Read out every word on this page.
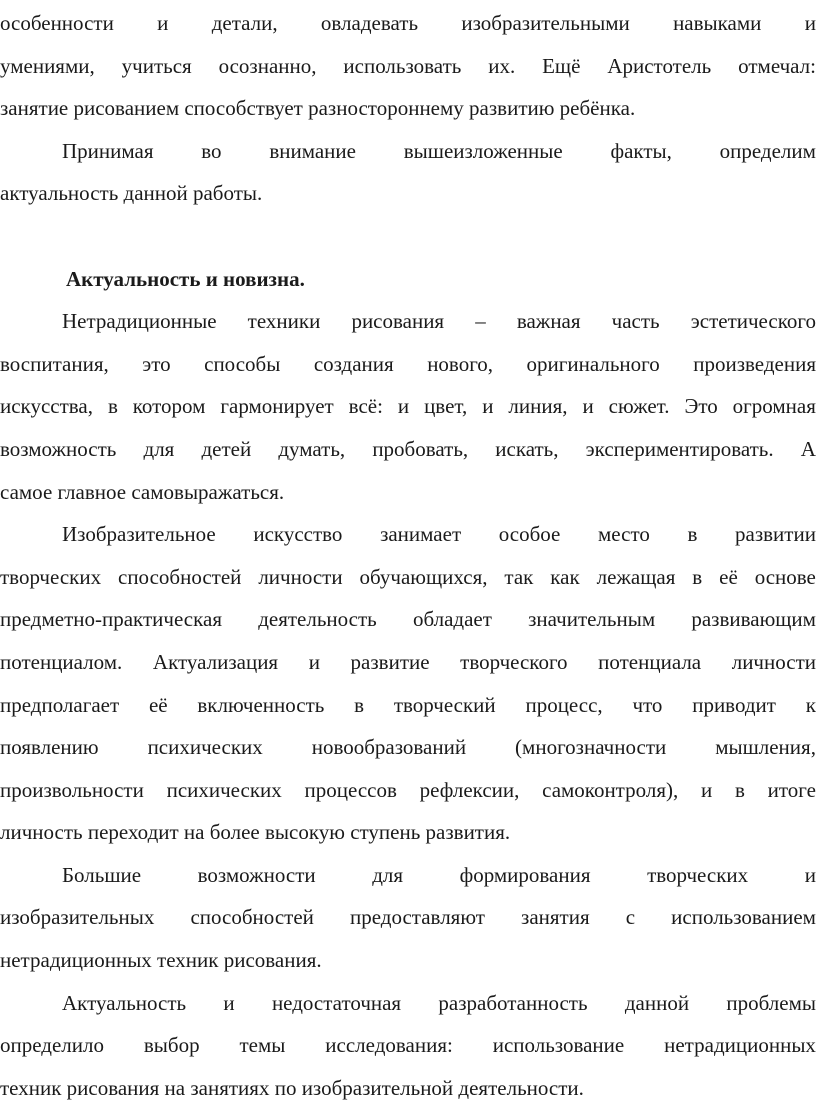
особенности и детали, овладевать изобразительными навыками и
умениями, учиться осознанно, использовать их. Ещё Аристотель отмечал:
занятие рисованием способствует разностороннему развитию ребёнка.
Принимая во внимание вышеизложенные факты, определим
актуальность данной работы.
Актуальность и новизна.
Нетрадиционные техники рисования – важная часть эстетического
воспитания, это способы создания нового, оригинального произведения
искусства, в котором гармонирует всё: и цвет, и линия, и сюжет. Это огромная
возможность для детей думать, пробовать, искать, экспериментировать. А
самое главное самовыражаться.
Изобразительное искусство занимает особое место в развитии
творческих способностей личности обучающихся, так как лежащая в её основе
предметно-практическая деятельность обладает значительным развивающим
потенциалом. Актуализация и развитие творческого потенциала личности
предполагает её включенность в творческий процесс, что приводит к
появлению психических новообразований (многозначности мышления,
произвольности психических процессов рефлексии, самоконтроля), и в итоге
личность переходит на более высокую ступень развития.
Большие	возможности	для	формирования	творческих	и
изобразительных способностей предоставляют занятия с использованием
нетрадиционных техник рисования.
Актуальность и недостаточная разработанность данной проблемы
определило выбор темы исследования: использование нетрадиционных
техник рисования на занятиях по изобразительной деятельности.
